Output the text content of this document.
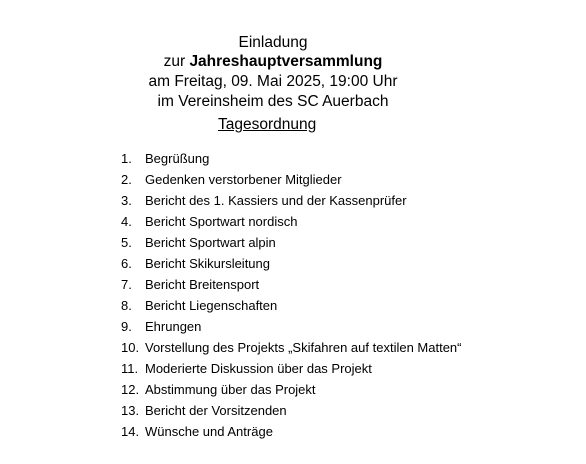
Einladung
zur Jahreshauptversammlung
am Freitag, 09. Mai 2025, 19:00 Uhr
im Vereinsheim des SC Auerbach
Tagesordnung
1.	Begrüßung
2.	Gedenken verstorbener Mitglieder
3.	Bericht des 1. Kassiers und der Kassenprüfer
4.	Bericht Sportwart nordisch
5.	Bericht Sportwart alpin
6.	Bericht Skikursleitung
7.	Bericht Breitensport
8.	Bericht Liegenschaften
9.	Ehrungen
10. Vorstellung des Projekts „Skifahren auf textilen Matten“
11. Moderierte Diskussion über das Projekt
12. Abstimmung über das Projekt
13. Bericht der Vorsitzenden
14. Wünsche und Anträge
